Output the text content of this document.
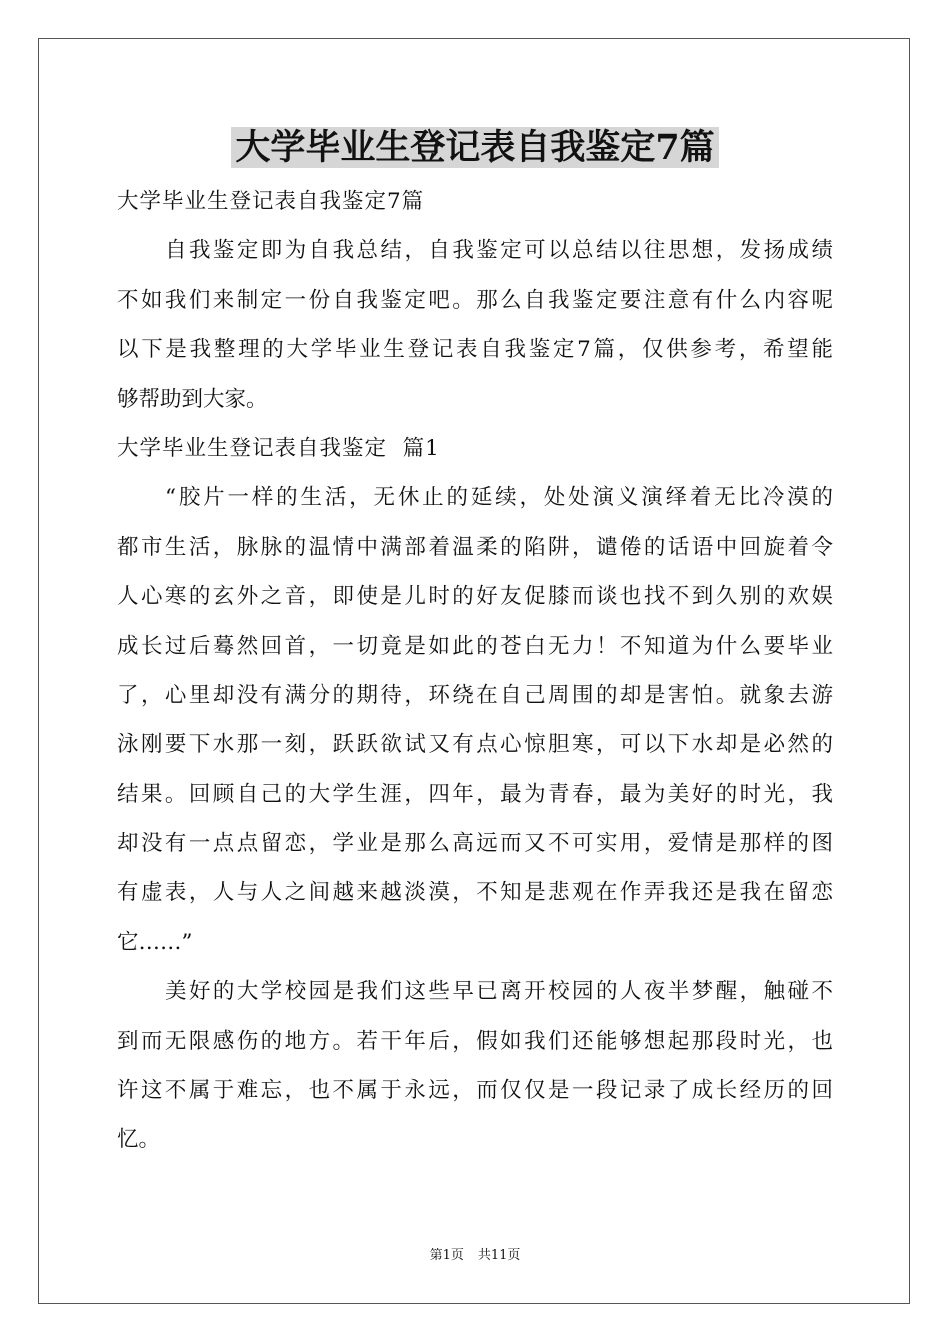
大学毕业生登记表自我鉴定7篇

大学毕业生登记表自我鉴定7篇

自我鉴定即为自我总结，自我鉴定可以总结以往思想，发扬成绩

不如我们来制定一份自我鉴定吧。那么自我鉴定要注意有什么内容呢

以下是我整理的大学毕业生登记表自我鉴定7篇，仅供参考，希望能

够帮助到大家。

大学毕业生登记表自我鉴定  篇1

“胶片一样的生活，无休止的延续，处处演义演绎着无比冷漠的

都市生活，脉脉的温情中满部着温柔的陷阱，谴倦的话语中回旋着令

人心寒的玄外之音，即使是儿时的好友促膝而谈也找不到久别的欢娱

成长过后蓦然回首，一切竟是如此的苍白无力！不知道为什么要毕业

了，心里却没有满分的期待，环绕在自己周围的却是害怕。就象去游

泳刚要下水那一刻，跃跃欲试又有点心惊胆寒，可以下水却是必然的

结果。回顾自己的大学生涯，四年，最为青春，最为美好的时光，我

却没有一点点留恋，学业是那么高远而又不可实用，爱情是那样的图

有虚表，人与人之间越来越淡漠，不知是悲观在作弄我还是我在留恋

它……”

美好的大学校园是我们这些早已离开校园的人夜半梦醒，触碰不

到而无限感伤的地方。若干年后，假如我们还能够想起那段时光，也

许这不属于难忘，也不属于永远，而仅仅是一段记录了成长经历的回

忆。

第1页 共11页
